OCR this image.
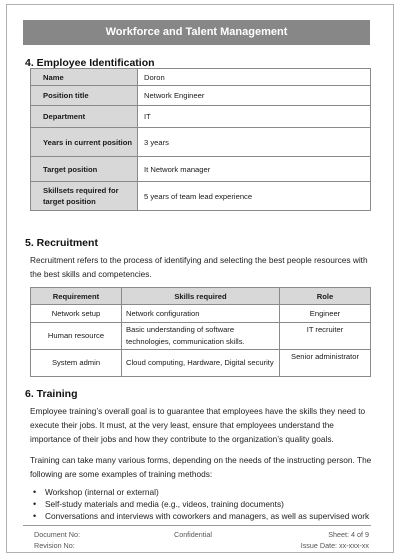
Workforce and Talent Management
4. Employee Identification
Name	Doron
Position title	Network Engineer
Department	IT
Years in current position	3 years
Target position	It Network manager
Skillsets required for target position	5 years of team lead experience
5. Recruitment
Recruitment refers to the process of identifying and selecting the best people resources with the best skills and competencies.
Requirement	Skills required	Role
Network setup	Network configuration	Engineer
Human resource	Basic understanding of software technologies, communication skills.	IT recruiter
System admin	Cloud computing, Hardware, Digital security	Senior administrator
6. Training
Employee training’s overall goal is to guarantee that employees have the skills they need to execute their jobs. It must, at the very least, ensure that employees understand the importance of their jobs and how they contribute to the organization’s quality goals.
Training can take many various forms, depending on the needs of the instructing person. The following are some examples of training methods:
• Workshop (internal or external)
• Self-study materials and media (e.g., videos, training documents)
• Conversations and interviews with coworkers and managers, as well as supervised work
Document No:
Revision No:
Confidential	Sheet: 4 of 9
Issue Date: xx-xxx-xx
